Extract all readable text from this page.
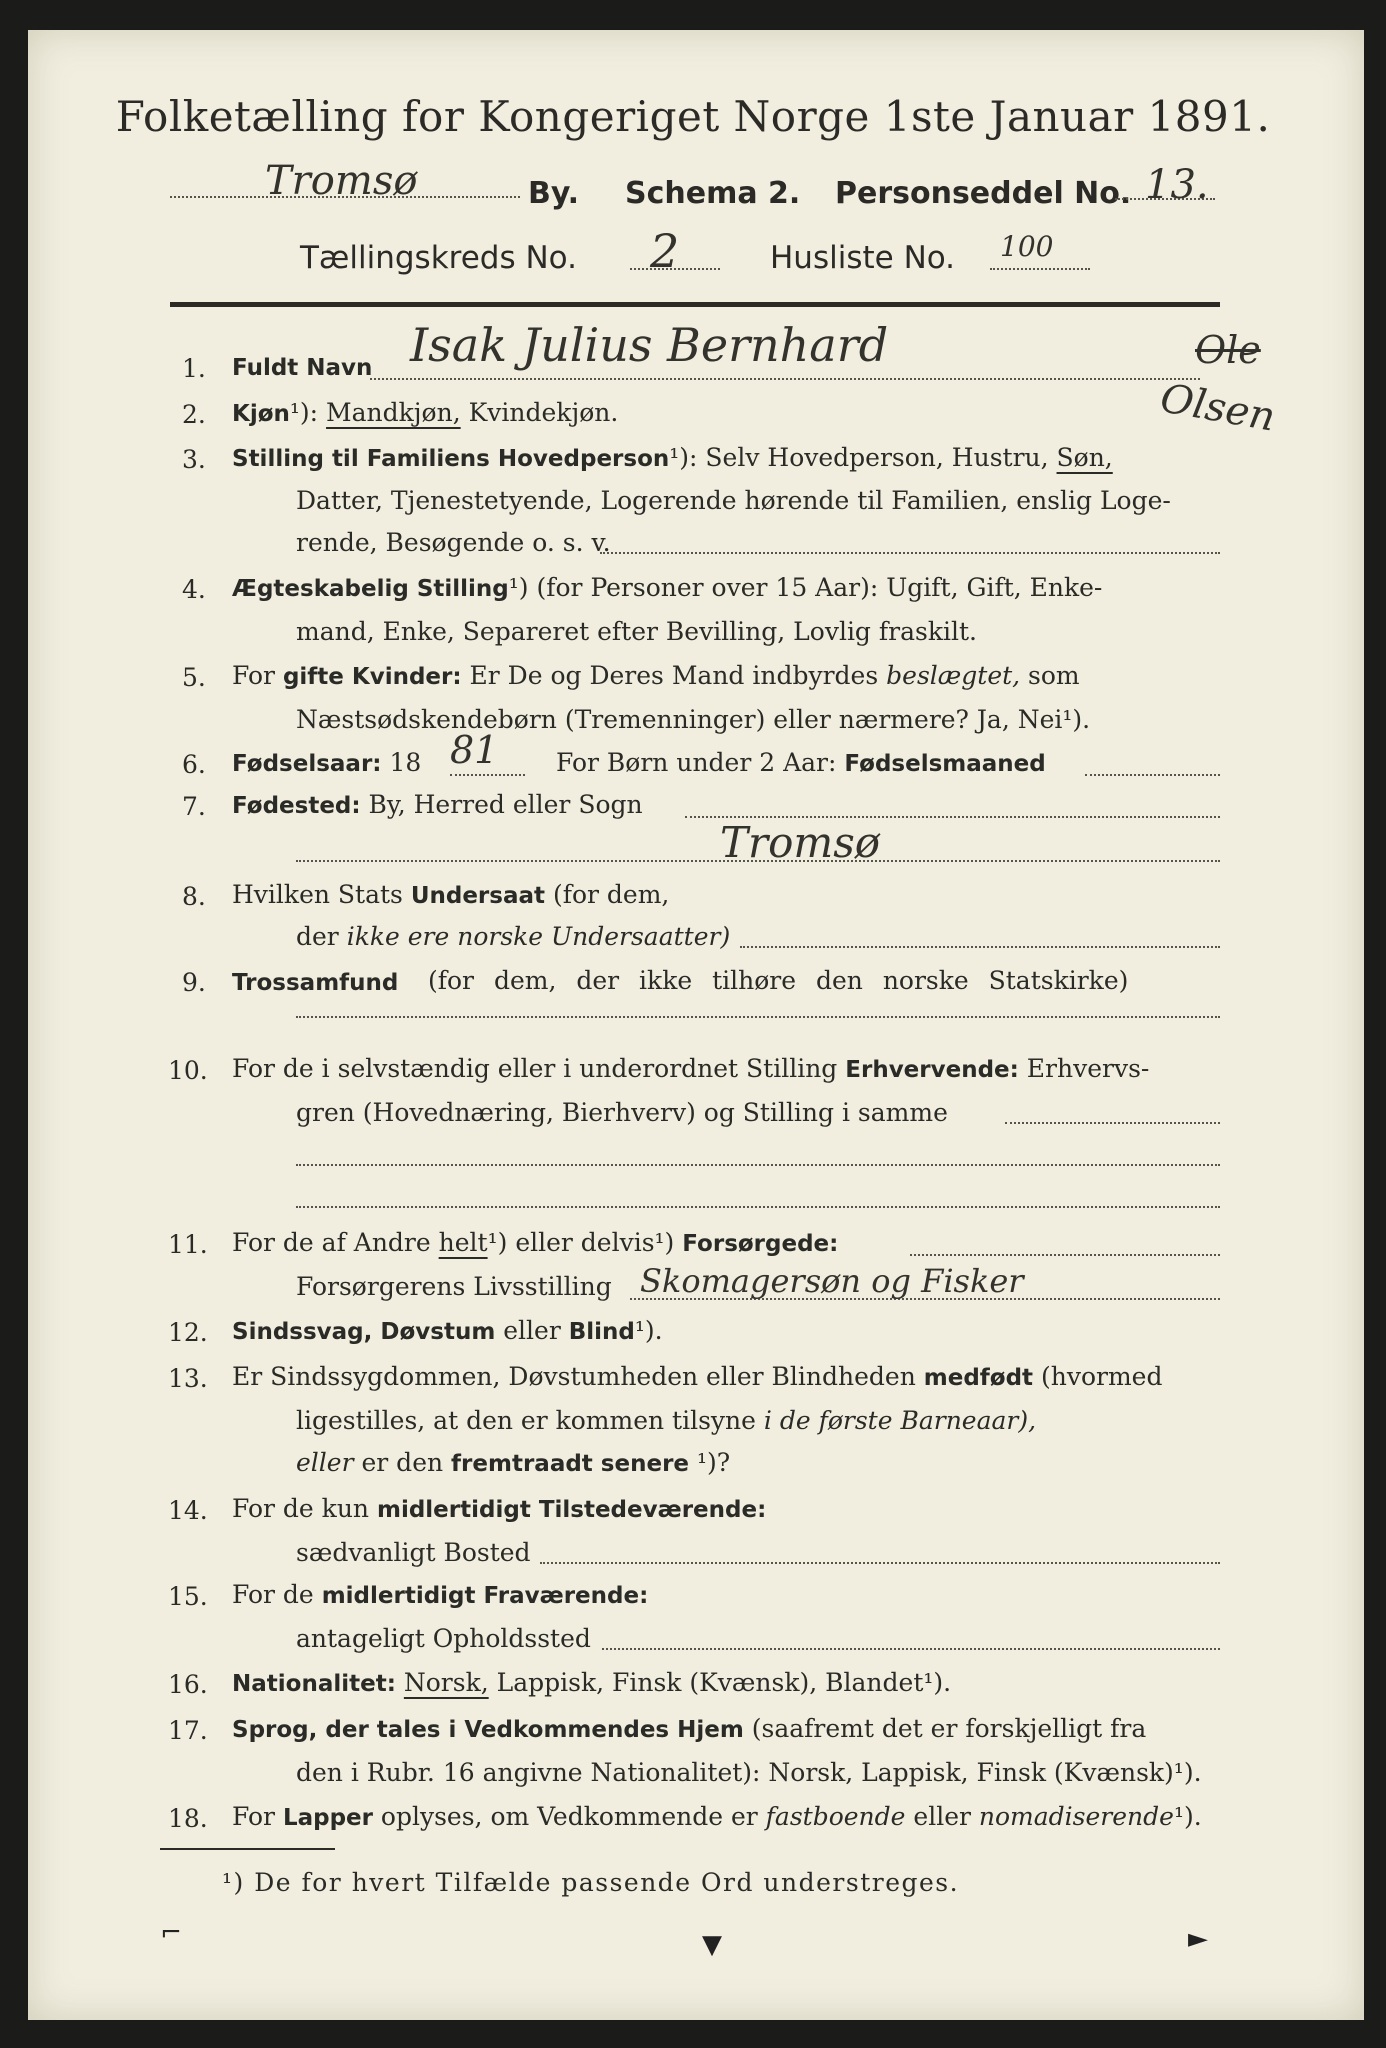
Folketælling for Kongeriget Norge 1ste Januar 1891.
Tromsø	By. Schema 2. Personseddel No. 13.
Tællingskreds No. 2	Husliste No. 100
1. Fuldt Navn Isak Julius Bernhard	Ole
Olsen
2. Kjøn¹): Mandkjøn, Kvindekjøn.
3. Stilling til Familiens Hovedperson¹): Selv Hovedperson, Hustru, Søn,
Datter, Tjenestetyende, Logerende hørende til Familien, enslig Loge-
rende, Besøgende o. s. v.
4. Ægteskabelig Stilling¹) (for Personer over 15 Aar): Ugift, Gift, Enke-
mand, Enke, Separeret efter Bevilling, Lovlig fraskilt.
5. For gifte Kvinder: Er De og Deres Mand indbyrdes beslægtet, som
Næstsødskendebørn (Tremenninger) eller nærmere? Ja, Nei¹).
6. Fødselsaar: 18 81 For Børn under 2 Aar: Fødselsmaaned
7. Fødested: By, Herred eller Sogn
Tromsø
8. Hvilken Stats Undersaat (for dem,
der ikke ere norske Undersaatter)
9. Trossamfund (for dem, der ikke tilhøre den norske Statskirke)
10. For de i selvstændig eller i underordnet Stilling Erhvervende: Erhvervs-
gren (Hovednæring, Bierhverv) og Stilling i samme
11. For de af Andre helt¹) eller delvis¹) Forsørgede:
Forsørgerens Livsstilling Skomagersøn og Fisker
12. Sindssvag, Døvstum eller Blind¹).
13. Er Sindssygdommen, Døvstumheden eller Blindheden medfødt (hvormed
ligestilles, at den er kommen tilsyne i de første Barneaar),
eller er den fremtraadt senere ¹)?
14. For de kun midlertidigt Tilstedeværende:
sædvanligt Bosted
15. For de midlertidigt Fraværende:
antageligt Opholdssted
16. Nationalitet: Norsk, Lappisk, Finsk (Kvænsk), Blandet¹).
17. Sprog, der tales i Vedkommendes Hjem (saafremt det er forskjelligt fra
den i Rubr. 16 angivne Nationalitet): Norsk, Lappisk, Finsk (Kvænsk)¹).
18. For Lapper oplyses, om Vedkommende er fastboende eller nomadiserende¹).
¹) De for hvert Tilfælde passende Ord understreges.
⌐	▼	►
